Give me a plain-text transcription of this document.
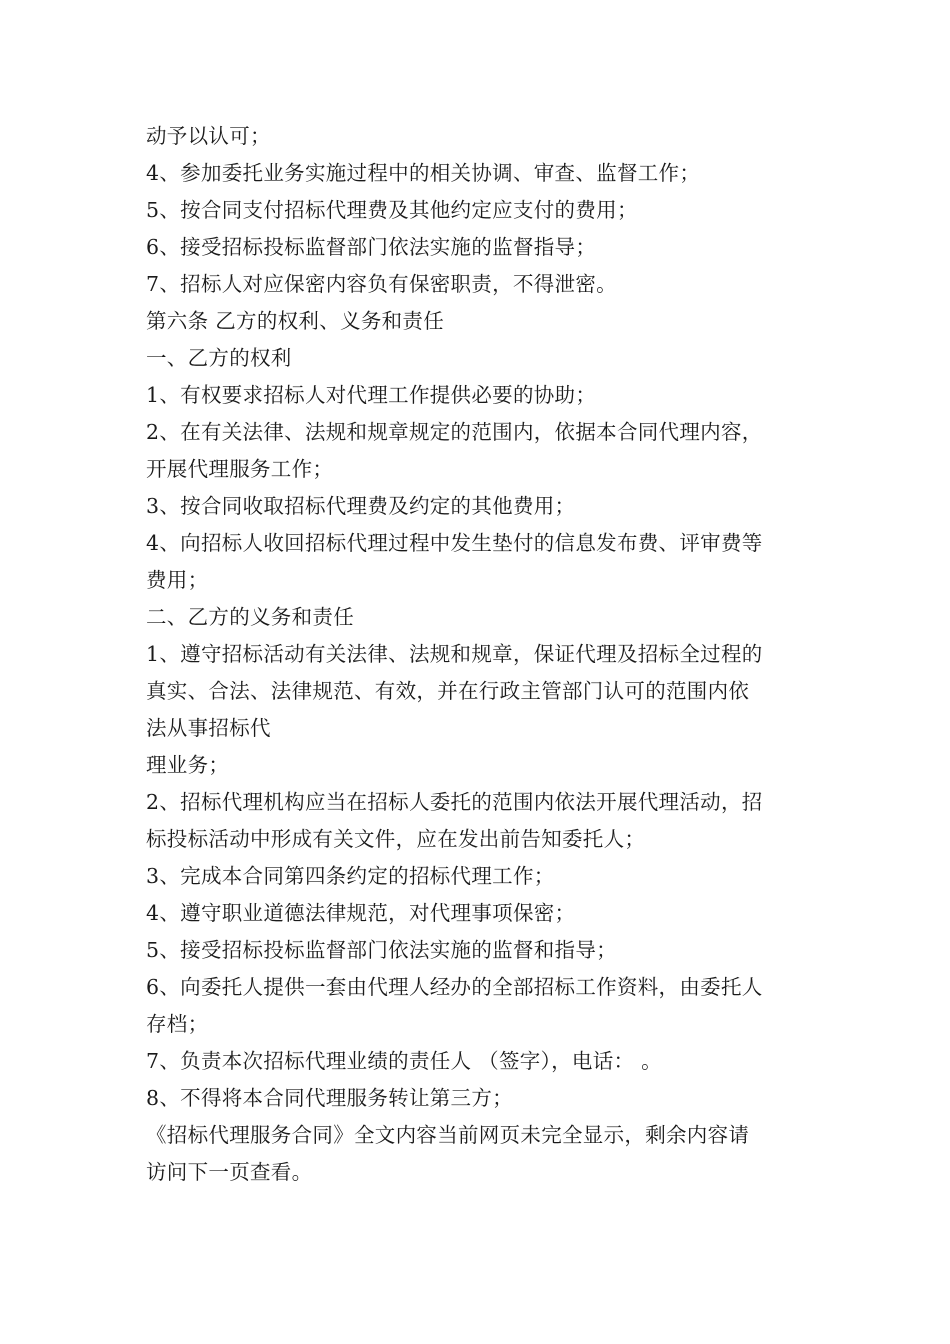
动予以认可；
4、参加委托业务实施过程中的相关协调、审查、监督工作；
5、按合同支付招标代理费及其他约定应支付的费用；
6、接受招标投标监督部门依法实施的监督指导；
7、招标人对应保密内容负有保密职责，不得泄密。
第六条 乙方的权利、义务和责任
一、乙方的权利
1、有权要求招标人对代理工作提供必要的协助；
2、在有关法律、法规和规章规定的范围内，依据本合同代理内容，
开展代理服务工作；
3、按合同收取招标代理费及约定的其他费用；
4、向招标人收回招标代理过程中发生垫付的信息发布费、评审费等
费用；
二、乙方的义务和责任
1、遵守招标活动有关法律、法规和规章，保证代理及招标全过程的
真实、合法、法律规范、有效，并在行政主管部门认可的范围内依
法从事招标代
理业务；
2、招标代理机构应当在招标人委托的范围内依法开展代理活动，招
标投标活动中形成有关文件，应在发出前告知委托人；
3、完成本合同第四条约定的招标代理工作；
4、遵守职业道德法律规范，对代理事项保密；
5、接受招标投标监督部门依法实施的监督和指导；
6、向委托人提供一套由代理人经办的全部招标工作资料，由委托人
存档；
7、负责本次招标代理业绩的责任人 （签字），电话： 。
8、不得将本合同代理服务转让第三方；
《招标代理服务合同》全文内容当前网页未完全显示，剩余内容请
访问下一页查看。
